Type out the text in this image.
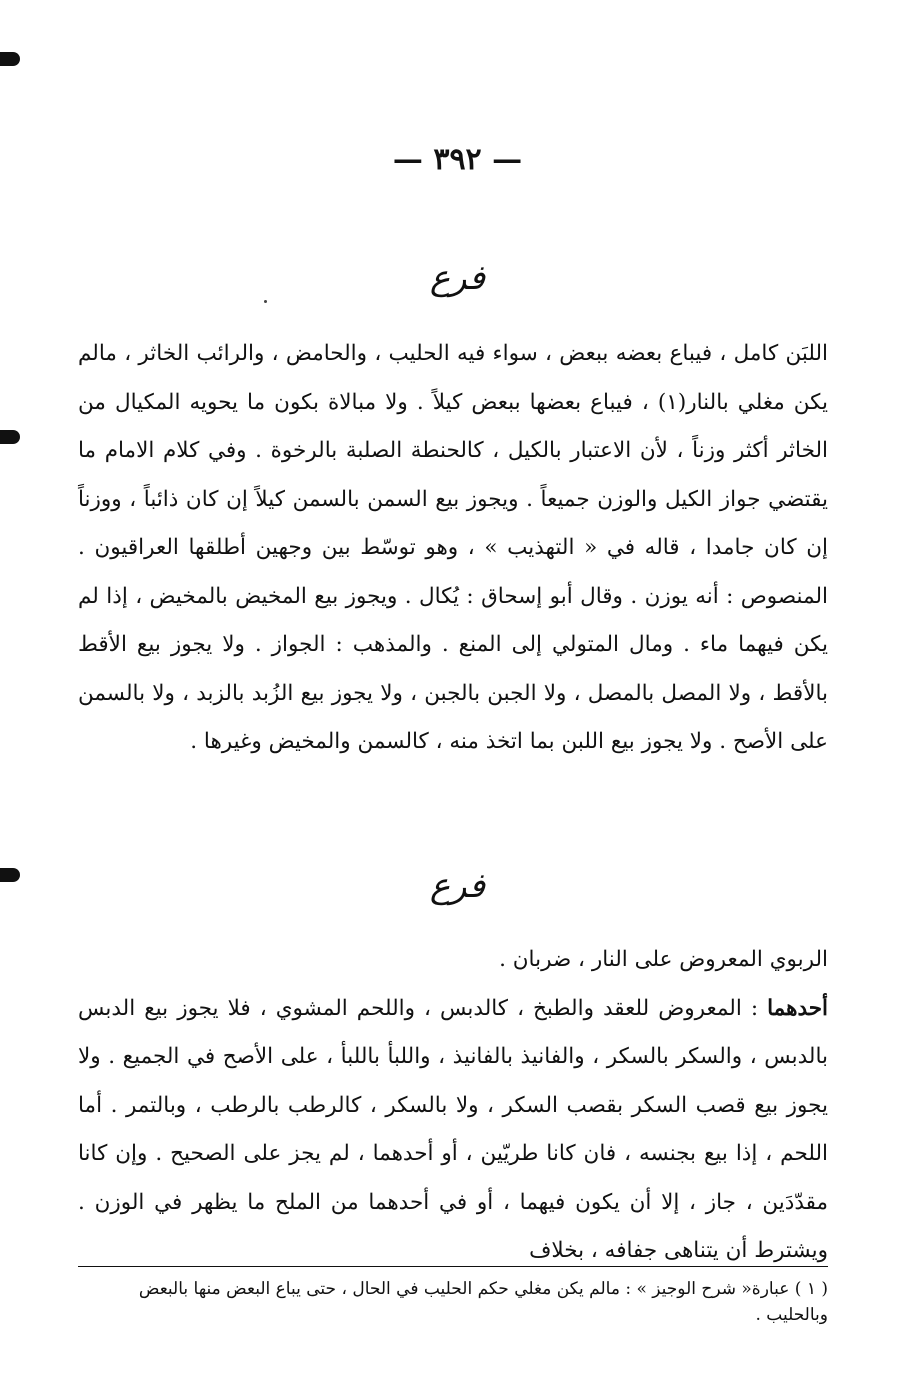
— ٣٩٢ —
فرع

اللبَن كامل ، فيباع بعضه ببعض ، سواء فيه الحليب ، والحامض ، والرائب الخاثر ، مالم يكن مغلي بالنار(١) ، فيباع بعضها ببعض كيلاً . ولا مبالاة بكون ما يحويه المكيال من الخاثر أكثر وزناً ، لأن الاعتبار بالكيل ، كالحنطة الصلبة بالرخوة . وفي كلام الامام ما يقتضي جواز الكيل والوزن جميعاً . ويجوز بيع السمن بالسمن كيلاً إن كان ذائباً ، ووزناً إن كان جامدا ، قاله في « التهذيب » ، وهو توسّط بين وجهين أطلقها العراقيون . المنصوص : أنه يوزن . وقال أبو إسحاق : يُكال . ويجوز بيع المخيض بالمخيض ، إذا لم يكن فيهما ماء . ومال المتولي إلى المنع . والمذهب : الجواز . ولا يجوز بيع الأقط بالأقط ، ولا المصل بالمصل ، ولا الجبن بالجبن ، ولا يجوز بيع الزُبد بالزبد ، ولا بالسمن على الأصح . ولا يجوز بيع اللبن بما اتخذ منه ، كالسمن والمخيض وغيرها .

فرع

الربوي المعروض على النار ، ضربان .
أحدهما : المعروض للعقد والطبخ ، كالدبس ، واللحم المشوي ، فلا يجوز بيع الدبس بالدبس ، والسكر بالسكر ، والفانيذ بالفانيذ ، واللبأ باللبأ ، على الأصح في الجميع . ولا يجوز بيع قصب السكر بقصب السكر ، ولا بالسكر ، كالرطب بالرطب ، وبالتمر . أما اللحم ، إذا بيع بجنسه ، فان كانا طريّين ، أو أحدهما ، لم يجز على الصحيح . وإن كانا مقدّدَين ، جاز ، إلا أن يكون فيهما ، أو في أحدهما من الملح ما يظهر في الوزن . ويشترط أن يتناهى جفافه ، بخلاف

( ١ ) عبارة« شرح الوجيز » : مالم يكن مغلي حكم الحليب في الحال ، حتى يباع البعض منها بالبعض وبالحليب .
